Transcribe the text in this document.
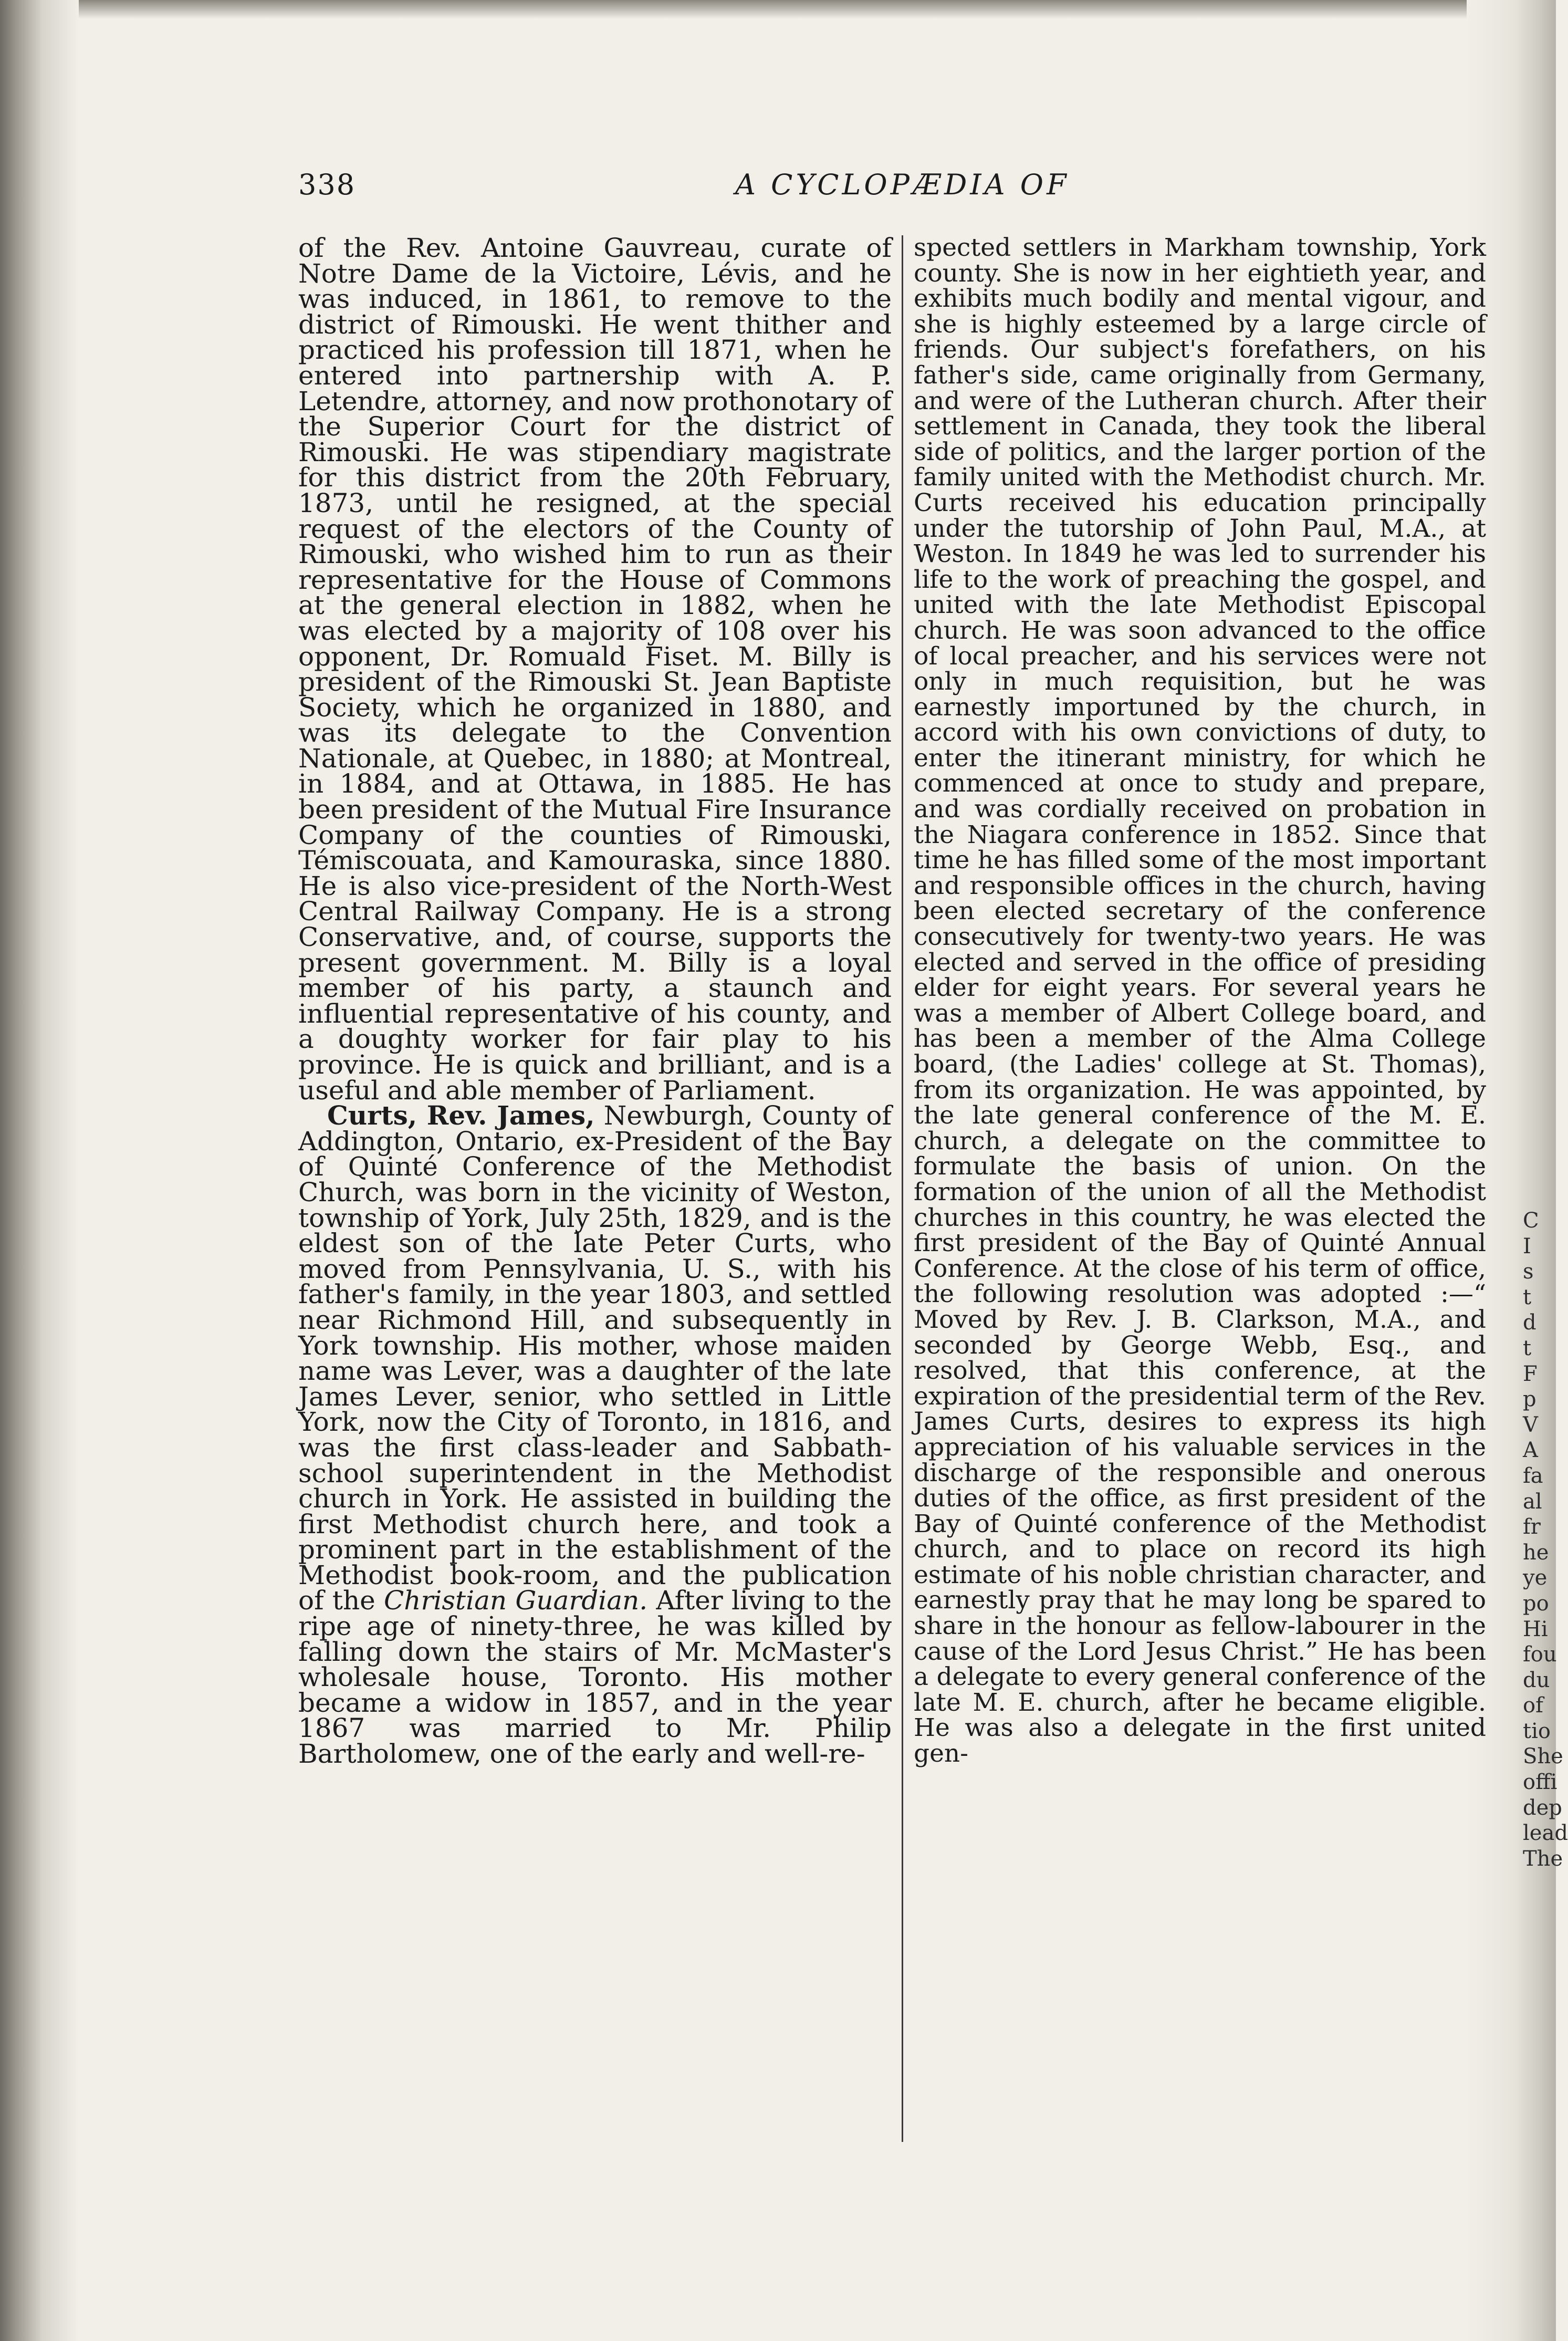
338	A CYCLOPÆDIA OF

of the Rev. Antoine Gauvreau, curate of Notre Dame de la Victoire, Lévis, and he was induced, in 1861, to remove to the district of Rimouski. He went thither and practiced his profession till 1871, when he entered into partnership with A. P. Letendre, attorney, and now prothonotary of the Superior Court for the district of Rimouski. He was stipendiary magistrate for this district from the 20th February, 1873, until he resigned, at the special request of the electors of the County of Rimouski, who wished him to run as their representative for the House of Commons at the general election in 1882, when he was elected by a majority of 108 over his opponent, Dr. Romuald Fiset. M. Billy is president of the Rimouski St. Jean Baptiste Society, which he organized in 1880, and was its delegate to the Convention Nationale, at Quebec, in 1880; at Montreal, in 1884, and at Ottawa, in 1885. He has been president of the Mutual Fire Insurance Company of the counties of Rimouski, Témiscouata, and Kamouraska, since 1880. He is also vice-president of the North-West Central Railway Company. He is a strong Conservative, and, of course, supports the present government. M. Billy is a loyal member of his party, a staunch and influential representative of his county, and a doughty worker for fair play to his province. He is quick and brilliant, and is a useful and able member of Parliament.

Curts, Rev. James, Newburgh, County of Addington, Ontario, ex-President of the Bay of Quinté Conference of the Methodist Church, was born in the vicinity of Weston, township of York, July 25th, 1829, and is the eldest son of the late Peter Curts, who moved from Pennsylvania, U. S., with his father's family, in the year 1803, and settled near Richmond Hill, and subsequently in York township. His mother, whose maiden name was Lever, was a daughter of the late James Lever, senior, who settled in Little York, now the City of Toronto, in 1816, and was the first class-leader and Sabbath-school superintendent in the Methodist church in York. He assisted in building the first Methodist church here, and took a prominent part in the establishment of the Methodist book-room, and the publication of the Christian Guardian. After living to the ripe age of ninety-three, he was killed by falling down the stairs of Mr. McMaster's wholesale house, Toronto. His mother became a widow in 1857, and in the year 1867 was married to Mr. Philip Bartholomew, one of the early and well-re-

spected settlers in Markham township, York county. She is now in her eightieth year, and exhibits much bodily and mental vigour, and she is highly esteemed by a large circle of friends. Our subject's forefathers, on his father's side, came originally from Germany, and were of the Lutheran church. After their settlement in Canada, they took the liberal side of politics, and the larger portion of the family united with the Methodist church. Mr. Curts received his education principally under the tutorship of John Paul, M.A., at Weston. In 1849 he was led to surrender his life to the work of preaching the gospel, and united with the late Methodist Episcopal church. He was soon advanced to the office of local preacher, and his services were not only in much requisition, but he was earnestly importuned by the church, in accord with his own convictions of duty, to enter the itinerant ministry, for which he commenced at once to study and prepare, and was cordially received on probation in the Niagara conference in 1852. Since that time he has filled some of the most important and responsible offices in the church, having been elected secretary of the conference consecutively for twenty-two years. He was elected and served in the office of presiding elder for eight years. For several years he was a member of Albert College board, and has been a member of the Alma College board, (the Ladies' college at St. Thomas), from its organization. He was appointed, by the late general conference of the M. E. church, a delegate on the committee to formulate the basis of union. On the formation of the union of all the Methodist churches in this country, he was elected the first president of the Bay of Quinté Annual Conference. At the close of his term of office, the following resolution was adopted :—“ Moved by Rev. J. B. Clarkson, M.A., and seconded by George Webb, Esq., and resolved, that this conference, at the expiration of the presidential term of the Rev. James Curts, desires to express its high appreciation of his valuable services in the discharge of the responsible and onerous duties of the office, as first president of the Bay of Quinté conference of the Methodist church, and to place on record its high estimate of his noble christian character, and earnestly pray that he may long be spared to share in the honour as fellow-labourer in the cause of the Lord Jesus Christ.” He has been a delegate to every general conference of the late M. E. church, after he became eligible. He was also a delegate in the first united gen-

C
I
s
t
d
t
F
p
V
A
fa
al
fr
he
ye
po
Hi
fou
du
of
tio
She
offi
dep
lead
The
